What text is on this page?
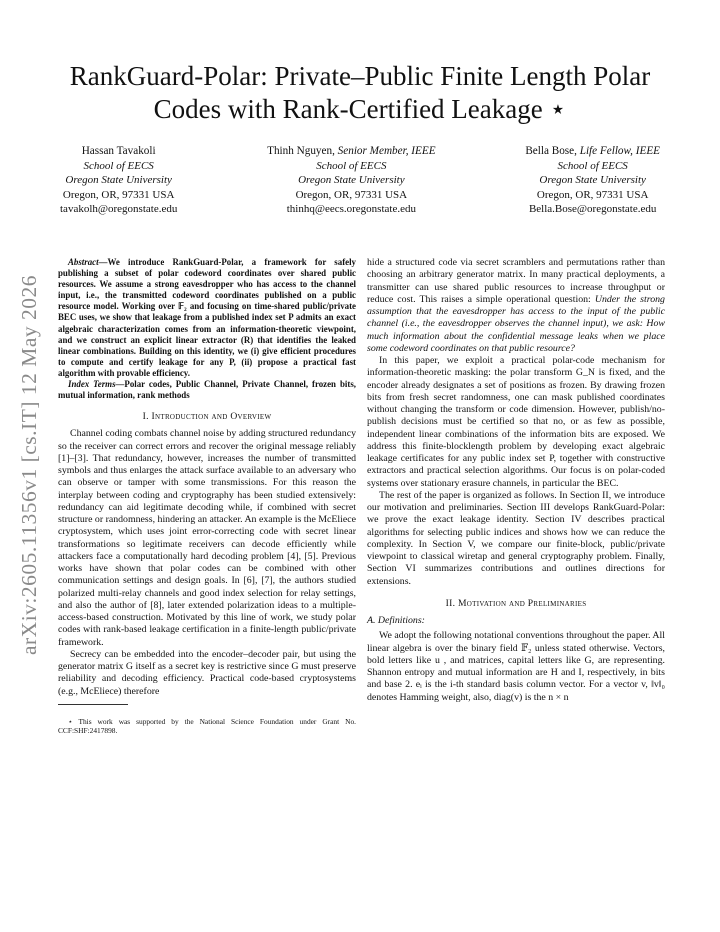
arXiv:2605.11356v1 [cs.IT] 12 May 2026
RankGuard-Polar: Private–Public Finite Length Polar Codes with Rank-Certified Leakage ⋆
Hassan Tavakoli
School of EECS
Oregon State University
Oregon, OR, 97331 USA
tavakolh@oregonstate.edu
Thinh Nguyen, Senior Member, IEEE
School of EECS
Oregon State University
Oregon, OR, 97331 USA
thinhq@eecs.oregonstate.edu
Bella Bose, Life Fellow, IEEE
School of EECS
Oregon State University
Oregon, OR, 97331 USA
Bella.Bose@oregonstate.edu

Abstract—We introduce RankGuard-Polar, a framework for safely publishing a subset of polar codeword coordinates over shared public resources. We assume a strong eavesdropper who has access to the channel input, i.e., the transmitted codeword coordinates published on a public resource model. Working over 𝔽₂ and focusing on time-shared public/private BEC uses, we show that leakage from a published index set P admits an exact algebraic characterization comes from an information-theoretic viewpoint, and we construct an explicit linear extractor (R) that identifies the leaked linear combinations. Building on this identity, we (i) give efficient procedures to compute and certify leakage for any P, (ii) propose a practical fast algorithm with provable efficiency.

Index Terms—Polar codes, Public Channel, Private Channel, frozen bits, mutual information, rank methods

I. Introduction and Overview

Channel coding combats channel noise by adding structured redundancy so the receiver can correct errors and recover the original message reliably [1]–[3]. That redundancy, however, increases the number of transmitted symbols and thus enlarges the attack surface available to an adversary who can observe or tamper with some transmissions. For this reason the interplay between coding and cryptography has been studied extensively: redundancy can aid legitimate decoding while, if combined with secret structure or randomness, hindering an attacker. An example is the McEliece cryptosystem, which uses joint error-correcting code with secret linear transformations so legitimate receivers can decode efficiently while attackers face a computationally hard decoding problem [4], [5]. Previous works have shown that polar codes can be combined with other communication settings and design goals. In [6], [7], the authors studied polarized multi-relay channels and good index selection for relay settings, and also the author of [8], later extended polarization ideas to a multiple-access-based construction. Motivated by this line of work, we study polar codes with rank-based leakage certification in a finite-length public/private framework.

Secrecy can be embedded into the encoder–decoder pair, but using the generator matrix G itself as a secret key is restrictive since G must preserve reliability and decoding efficiency. Practical code-based cryptosystems (e.g., McEliece) therefore

⋆ This work was supported by the National Science Foundation under Grant No. CCF:SHF:2417898.

hide a structured code via secret scramblers and permutations rather than choosing an arbitrary generator matrix. In many practical deployments, a transmitter can use shared public resources to increase throughput or reduce cost. This raises a simple operational question: Under the strong assumption that the eavesdropper has access to the input of the public channel (i.e., the eavesdropper observes the channel input), we ask: How much information about the confidential message leaks when we place some codeword coordinates on that public resource?

In this paper, we exploit a practical polar-code mechanism for information-theoretic masking: the polar transform G_N is fixed, and the encoder already designates a set of positions as frozen. By drawing frozen bits from fresh secret randomness, one can mask published coordinates without changing the transform or code dimension. However, publish/no-publish decisions must be certified so that no, or as few as possible, independent linear combinations of the information bits are exposed. We address this finite-blocklength problem by developing exact algebraic leakage certificates for any public index set P, together with constructive extractors and practical selection algorithms. Our focus is on polar-coded systems over stationary erasure channels, in particular the BEC.

The rest of the paper is organized as follows. In Section II, we introduce our motivation and preliminaries. Section III develops RankGuard-Polar: we prove the exact leakage identity. Section IV describes practical algorithms for selecting public indices and shows how we can reduce the complexity. In Section V, we compare our finite-block, public/private viewpoint to classical wiretap and general cryptography problem. Finally, Section VI summarizes contributions and outlines directions for extensions.

II. Motivation and Preliminaries
A. Definitions:

We adopt the following notational conventions throughout the paper. All linear algebra is over the binary field 𝔽₂ unless stated otherwise. Vectors, bold letters like u , and matrices, capital letters like G, are representing. Shannon entropy and mutual information are H and I, respectively, in bits and base 2. eᵢ is the i-th standard basis column vector. For a vector v, ‖v‖₀ denotes Hamming weight, also, diag(v) is the n × n
